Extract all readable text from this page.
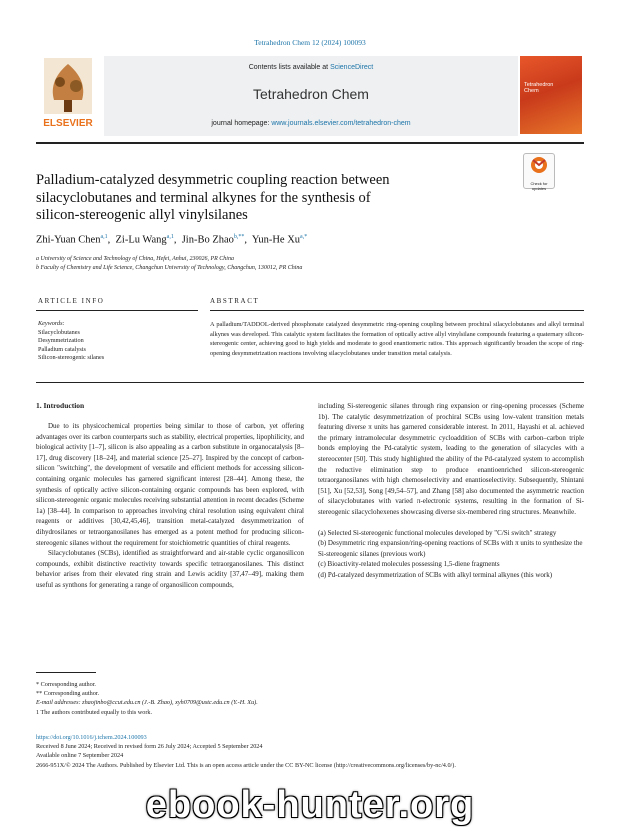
Tetrahedron Chem 12 (2024) 100093
ELSEVIER
Contents lists available at ScienceDirect
Tetrahedron Chem
journal homepage: www.journals.elsevier.com/tetrahedron-chem
Tetrahedron
Chem
Palladium-catalyzed desymmetric coupling reaction between
silacyclobutanes and terminal alkynes for the synthesis of
silicon-stereogenic allyl vinylsilanes
Check for updates
Zhi-Yuan Chen$^{a,1}$,  Zi-Lu Wang$^{a,1}$,  Jin-Bo Zhao$^{b,**}$,  Yun-He $Xu^{a,*}$
a University of Science and Technology of China, Hefei, Anhui, 230026, PR China
b Faculty of Chemistry and Life Science, Changchun University of Technology, Changchun, 130012, PR China
ARTICLE INFO	ABSTRACT
Keywords:
Silacyclobutanes
Desymmetrization
Palladium catalysis
Silicon-stereogenic silanes
A palladium/TADDOL-derived phosphonate catalyzed desymmetric ring-opening coupling between prochiral silacyclobutanes and alkyl terminal alkynes was developed. This catalytic system facilitates the formation of optically active allyl vinylsilane compounds featuring a quaternary silicon-stereogenic center, achieving good to high yields and moderate to good enantiomeric ratios. This approach significantly broaden the scope of ring-opening desymmetrization reactions involving silacyclobutanes under transition metal catalysis.
1. Introduction
Due to its physicochemical properties being similar to those of carbon, yet offering advantages over its carbon counterparts such as stability, electrical properties, lipophilicity, and biological activity [1–7], silicon is also appealing as a carbon substitute in organocatalysis [8–17], drug discovery [18–24], and material science [25–27]. Inspired by the concept of carbon-silicon "switching", the development of versatile and efficient methods for accessing silicon-containing organic molecules has garnered significant interest [28–44]. Among these, the synthesis of optically active silicon-containing organic compounds has been explored, with silicon-stereogenic organic molecules receiving substantial attention in recent decades (Scheme 1a) [38–44]. In comparison to approaches involving chiral resolution using equivalent chiral reagents or additives [30,42,45,46], transition metal-catalyzed desymmetrization of dihydrosilanes or tetraorganosilanes has emerged as a potent method for producing silicon-stereogenic silanes without the requirement for stoichiometric quantities of chiral reagents.
Silacyclobutanes (SCBs), identified as straightforward and air-stable cyclic organosilicon compounds, exhibit distinctive reactivity towards specific tetraorganosilanes. This distinct behavior arises from their elevated ring strain and Lewis acidity [37,47–49], making them useful as synthons for generating a range of organosilicon compounds,
including Si-stereogenic silanes through ring expansion or ring-opening processes (Scheme 1b). The catalytic desymmetrization of prochiral SCBs using low-valent transition metals featuring diverse π units has garnered considerable interest. In 2011, Hayashi et al. achieved the primary intramolecular desymmetric cycloaddition of SCBs with carbon–carbon triple bonds employing the Pd-catalytic system, leading to the generation of silacycles with a stereocenter [50]. This study highlighted the ability of the Pd-catalyzed system to accomplish the reductive elimination step to produce enantioenriched silicon-stereogenic tetraorganosilanes with high chemoselectivity and enantioselectivity. Subsequently, Shintani [51], Xu [52,53], Song [49,54–57], and Zhang [58] also documented the asymmetric reaction of silacyclobutanes with varied π-electronic systems, resulting in the formation of Si-stereogenic silacyclohexenes showcasing diverse six-membered ring structures. Meanwhile.
(a) Selected Si-stereogenic functional molecules developed by "C/Si switch" strategy
(b) Desymmetric ring expansion/ring-opening reactions of SCBs with π units to synthesize the Si-stereogenic silanes (previous work)
(c) Bioactivity-related molecules possessing 1,5-diene fragments
(d) Pd-catalyzed desymmetrization of SCBs with alkyl terminal alkynes (this work)
* Corresponding author.
** Corresponding author.
E-mail addresses: zhaojinbo@ccut.edu.cn (J.-B. Zhao), xyh0709@ustc.edu.cn (Y.-H. Xu).
1 The authors contributed equally to this work.
https://doi.org/10.1016/j.tchem.2024.100093
Received 8 June 2024; Received in revised form 26 July 2024; Accepted 5 September 2024
Available online 7 September 2024
2666-951X/© 2024 The Authors. Published by Elsevier Ltd. This is an open access article under the CC BY-NC license (http://creativecommons.org/licenses/by-nc/4.0/).
ebook-hunter.org
